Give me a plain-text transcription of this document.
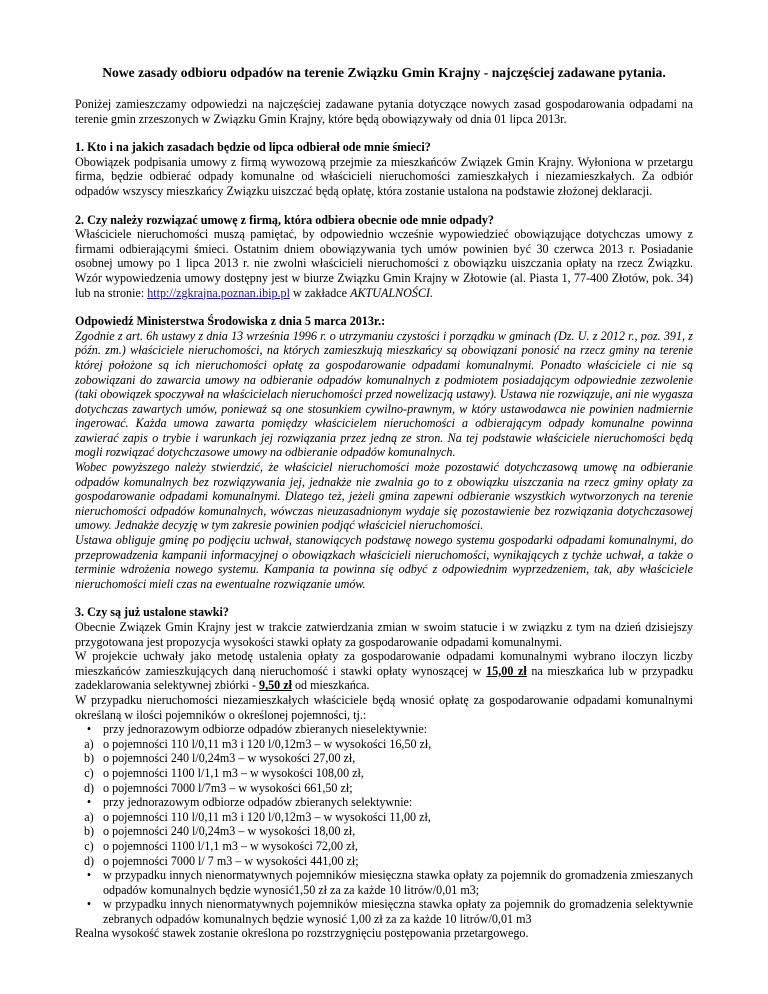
Nowe zasady odbioru odpadów na terenie Związku Gmin Krajny - najczęściej zadawane pytania.

Poniżej zamieszczamy odpowiedzi na najczęściej zadawane pytania dotyczące nowych zasad gospodarowania odpadami na terenie gmin zrzeszonych w Związku Gmin Krajny, które będą obowiązywały od dnia 01 lipca 2013r.

1. Kto i na jakich zasadach będzie od lipca odbierał ode mnie śmieci?

Obowiązek podpisania umowy z firmą wywozową przejmie za mieszkańców Związek Gmin Krajny. Wyłoniona w przetargu firma, będzie odbierać odpady komunalne od właścicieli nieruchomości zamieszkałych i niezamieszkałych. Za odbiór odpadów wszyscy mieszkańcy Związku uiszczać będą opłatę, która zostanie ustalona na podstawie złożonej deklaracji.

2. Czy należy rozwiązać umowę z firmą, która odbiera obecnie ode mnie odpady?

Właściciele nieruchomości muszą pamiętać, by odpowiednio wcześnie wypowiedzieć obowiązujące dotychczas umowy z firmami odbierającymi śmieci. Ostatnim dniem obowiązywania tych umów powinien być 30 czerwca 2013 r. Posiadanie osobnej umowy po 1 lipca 2013 r. nie zwolni właścicieli nieruchomości z obowiązku uiszczania opłaty na rzecz Związku. Wzór wypowiedzenia umowy dostępny jest w biurze Związku Gmin Krajny w Złotowie (al. Piasta 1, 77-400 Złotów, pok. 34) lub na stronie: http://zgkrajna.poznan.ibip.pl w zakładce AKTUALNOŚCI.

Odpowiedź Ministerstwa Środowiska z dnia 5 marca 2013r.:

Zgodnie z art. 6h ustawy z dnia 13 września 1996 r. o utrzymaniu czystości i porządku w gminach (Dz. U. z 2012 r., poz. 391, z późn. zm.) właściciele nieruchomości, na których zamieszkują mieszkańcy są obowiązani ponosić na rzecz gminy na terenie której położone są ich nieruchomości opłatę za gospodarowanie odpadami komunalnymi. Ponadto właściciele ci nie są zobowiązani do zawarcia umowy na odbieranie odpadów komunalnych z podmiotem posiadającym odpowiednie zezwolenie (taki obowiązek spoczywał na właścicielach nieruchomości przed nowelizacją ustawy). Ustawa nie rozwiązuje, ani nie wygasza dotychczas zawartych umów, ponieważ są one stosunkiem cywilno-prawnym, w który ustawodawca nie powinien nadmiernie ingerować. Każda umowa zawarta pomiędzy właścicielem nieruchomości a odbierającym odpady komunalne powinna zawierać zapis o trybie i warunkach jej rozwiązania przez jedną ze stron. Na tej podstawie właściciele nieruchomości będą mogli rozwiązać dotychczasowe umowy na odbieranie odpadów komunalnych.

Wobec powyższego należy stwierdzić, że właściciel nieruchomości może pozostawić dotychczasową umowę na odbieranie odpadów komunalnych bez rozwiązywania jej, jednakże nie zwalnia go to z obowiązku uiszczania na rzecz gminy opłaty za gospodarowanie odpadami komunalnymi. Dlatego też, jeżeli gmina zapewni odbieranie wszystkich wytworzonych na terenie nieruchomości odpadów komunalnych, wówczas nieuzasadnionym wydaje się pozostawienie bez rozwiązania dotychczasowej umowy. Jednakże decyzję w tym zakresie powinien podjąć właściciel nieruchomości.

Ustawa obliguje gminę po podjęciu uchwał, stanowiących podstawę nowego systemu gospodarki odpadami komunalnymi, do przeprowadzenia kampanii informacyjnej o obowiązkach właścicieli nieruchomości, wynikających z tychże uchwał, a także o terminie wdrożenia nowego systemu. Kampania ta powinna się odbyć z odpowiednim wyprzedzeniem, tak, aby właściciele nieruchomości mieli czas na ewentualne rozwiązanie umów.

3. Czy są już ustalone stawki?

Obecnie Związek Gmin Krajny jest w trakcie zatwierdzania zmian w swoim statucie i w związku z tym na dzień dzisiejszy przygotowana jest propozycja wysokości stawki opłaty za gospodarowanie odpadami komunalnymi.

W projekcie uchwały jako metodę ustalenia opłaty za gospodarowanie odpadami komunalnymi wybrano iloczyn liczby mieszkańców zamieszkujących daną nieruchomość i stawki opłaty wynoszącej w 15,00 zł na mieszkańca lub w przypadku zadeklarowania selektywnej zbiórki - 9,50 zł od mieszkańca.

W przypadku nieruchomości niezamieszkałych właściciele będą wnosić opłatę za gospodarowanie odpadami komunalnymi określaną w ilości pojemników o określonej pojemności, tj.:

• przy jednorazowym odbiorze odpadów zbieranych nieselektywnie:
a) o pojemności 110 l/0,11 m3 i 120 l/0,12m3 – w wysokości 16,50 zł,
b) o pojemności 240 l/0,24m3 – w wysokości 27,00 zł,
c) o pojemności 1100 l/1,1 m3 – w wysokości 108,00 zł,
d) o pojemności 7000 l/7m3 – w wysokości 661,50 zł;
• przy jednorazowym odbiorze odpadów zbieranych selektywnie:
a) o pojemności 110 l/0,11 m3 i 120 l/0,12m3 – w wysokości 11,00 zł,
b) o pojemności 240 l/0,24m3 – w wysokości 18,00 zł,
c) o pojemności 1100 l/1,1 m3 – w wysokości 72,00 zł,
d) o pojemności 7000 l/ 7 m3 – w wysokości 441,00 zł;
• w przypadku innych nienormatywnych pojemników miesięczna stawka opłaty za pojemnik do gromadzenia zmieszanych odpadów komunalnych będzie wynosić1,50 zł za za każde 10 litrów/0,01 m3;
• w przypadku innych nienormatywnych pojemników miesięczna stawka opłaty za pojemnik do gromadzenia selektywnie zebranych odpadów komunalnych będzie wynosić 1,00 zł za za każde 10 litrów/0,01 m3

Realna wysokość stawek zostanie określona po rozstrzygnięciu postępowania przetargowego.
